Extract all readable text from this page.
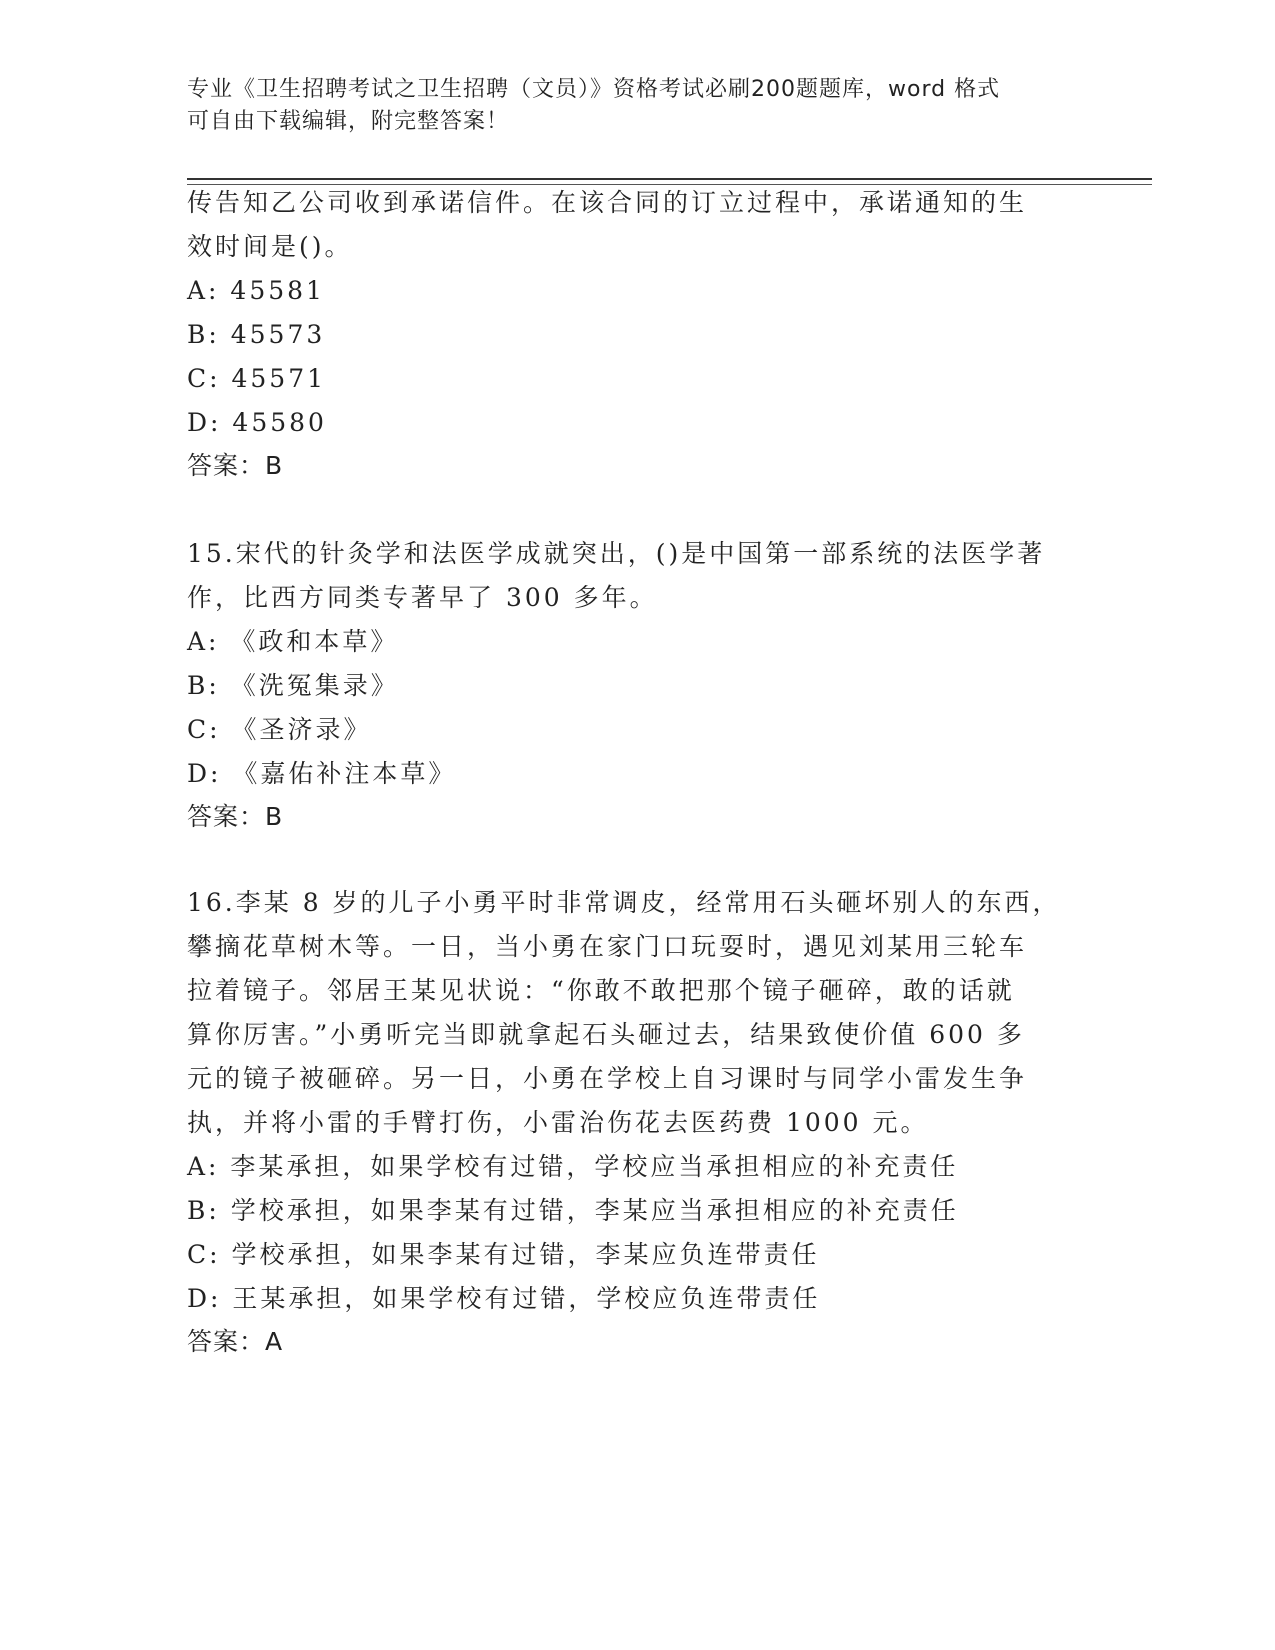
专业《卫生招聘考试之卫生招聘（文员）》资格考试必刷200题题库，word 格式
可自由下载编辑，附完整答案！
传告知乙公司收到承诺信件。在该合同的订立过程中，承诺通知的生
效时间是()。
A: 45581
B: 45573
C: 45571
D: 45580
答案：B
15.宋代的针灸学和法医学成就突出，()是中国第一部系统的法医学著
作，比西方同类专著早了 300 多年。
A: 《政和本草》
B: 《洗冤集录》
C: 《圣济录》
D: 《嘉佑补注本草》
答案：B
16.李某 8 岁的儿子小勇平时非常调皮，经常用石头砸坏别人的东西，
攀摘花草树木等。一日，当小勇在家门口玩耍时，遇见刘某用三轮车
拉着镜子。邻居王某见状说：“你敢不敢把那个镜子砸碎，敢的话就
算你厉害。”小勇听完当即就拿起石头砸过去，结果致使价值 600 多
元的镜子被砸碎。另一日，小勇在学校上自习课时与同学小雷发生争
执，并将小雷的手臂打伤，小雷治伤花去医药费 1000 元。
A: 李某承担，如果学校有过错，学校应当承担相应的补充责任
B: 学校承担，如果李某有过错，李某应当承担相应的补充责任
C: 学校承担，如果李某有过错，李某应负连带责任
D: 王某承担，如果学校有过错，学校应负连带责任
答案：A
